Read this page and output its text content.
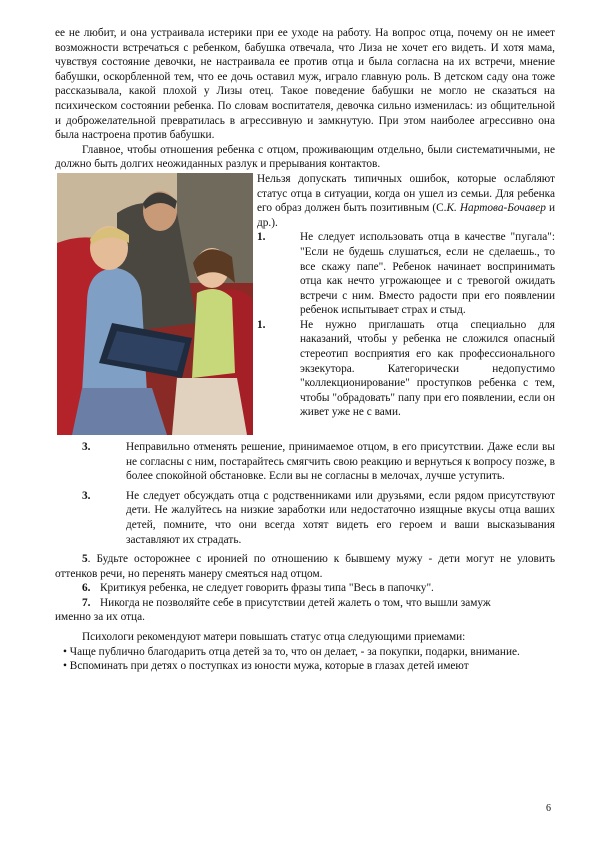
ее не любит, и она устраивала истерики при ее уходе на работу. На вопрос отца, почему он не имеет возможности встречаться с ребенком, бабушка отвечала, что Лиза не хочет его видеть. И хотя мама, чувствуя состояние девочки, не настраивала ее против отца и была согласна на их встречи, мнение бабушки, оскорбленной тем, что ее дочь оставил муж, играло главную роль. В детском саду она тоже рассказывала, какой плохой у Лизы отец. Такое поведение бабушки не могло не сказаться на психическом состоянии ребенка. По словам воспитателя, девочка сильно изменилась: из общительной и доброжелательной превратилась в агрессивную и замкнутую. При этом наиболее агрессивно она была настроена против бабушки.

Главное, чтобы отношения ребенка с отцом, проживающим отдельно, были систематичными, не должно быть долгих неожиданных разлук и прерывания контактов.

Нельзя допускать типичных ошибок, которые ослабляют статус отца в ситуации, когда он ушел из семьи. Для ребенка его образ должен быть позитивным (С.К. Нартова-Бочавер и др.).

1.	Не следует использовать отца в качестве "пугала": "Если не будешь слушаться, если не сделаешь., то все скажу папе". Ребенок начинает воспринимать отца как нечто угрожающее и с тревогой ожидать встречи с ним. Вместо радости при его появлении ребенок испытывает страх и стыд.
1.	Не нужно приглашать отца специально для наказаний, чтобы у ребенка не сложился опасный стереотип восприятия его как профессионального экзекутора. Категорически недопустимо "коллекционирование" проступков ребенка с тем, чтобы "обрадовать" папу при его появлении, если он живет уже не с вами.
3.	Неправильно отменять решение, принимаемое отцом, в его присутствии. Даже если вы не согласны с ним, постарайтесь смягчить свою реакцию и вернуться к вопросу позже, в более спокойной обстановке. Если вы не согласны в мелочах, лучше уступить.
3.	Не следует обсуждать отца с родственниками или друзьями, если рядом присутствуют дети. Не жалуйтесь на низкие заработки или недостаточно изящные вкусы отца ваших детей, помните, что они всегда хотят видеть его героем и ваши высказывания заставляют их страдать.

5. Будьте осторожнее с иронией по отношению к бывшему мужу - дети могут не уловить оттенков речи, но перенять манеру смеяться над отцом.

6. Критикуя ребенка, не следует говорить фразы типа "Весь в папочку".
7. Никогда не позволяйте себе в присутствии детей жалеть о том, что вышли замуж

именно за их отца.

Психологи рекомендуют матери повышать статус отца следующими приемами:

• Чаще публично благодарить отца детей за то, что он делает, - за покупки, подарки, внимание.

• Вспоминать при детях о поступках из юности мужа, которые в глазах детей имеют

6
